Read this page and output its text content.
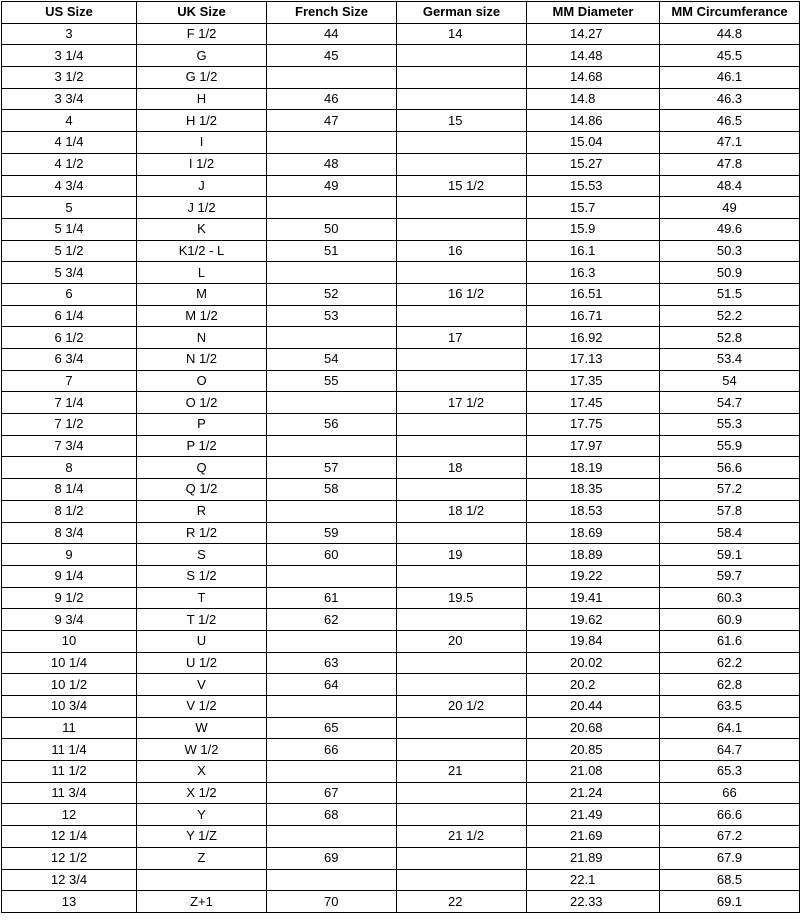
US Size	UK Size	French Size	German size	MM Diameter	MM Circumferance
3	F 1/2	44	14	14.27	44.8
3 1/4	G	45		14.48	45.5
3 1/2	G 1/2			14.68	46.1
3 3/4	H	46		14.8	46.3
4	H 1/2	47	15	14.86	46.5
4 1/4	I			15.04	47.1
4 1/2	I 1/2	48		15.27	47.8
4 3/4	J	49	15 1/2	15.53	48.4
5	J 1/2			15.7	49
5 1/4	K	50		15.9	49.6
5 1/2	K1/2 - L	51	16	16.1	50.3
5 3/4	L			16.3	50.9
6	M	52	16 1/2	16.51	51.5
6 1/4	M 1/2	53		16.71	52.2
6 1/2	N		17	16.92	52.8
6 3/4	N 1/2	54		17.13	53.4
7	O	55		17.35	54
7 1/4	O 1/2		17 1/2	17.45	54.7
7 1/2	P	56		17.75	55.3
7 3/4	P 1/2			17.97	55.9
8	Q	57	18	18.19	56.6
8 1/4	Q 1/2	58		18.35	57.2
8 1/2	R		18 1/2	18.53	57.8
8 3/4	R 1/2	59		18.69	58.4
9	S	60	19	18.89	59.1
9 1/4	S 1/2			19.22	59.7
9 1/2	T	61	19.5	19.41	60.3
9 3/4	T 1/2	62		19.62	60.9
10	U		20	19.84	61.6
10 1/4	U 1/2	63		20.02	62.2
10 1/2	V	64		20.2	62.8
10 3/4	V 1/2		20 1/2	20.44	63.5
11	W	65		20.68	64.1
11 1/4	W 1/2	66		20.85	64.7
11 1/2	X		21	21.08	65.3
11 3/4	X 1/2	67		21.24	66
12	Y	68		21.49	66.6
12 1/4	Y 1/Z		21 1/2	21.69	67.2
12 1/2	Z	69		21.89	67.9
12 3/4				22.1	68.5
13	Z+1	70	22	22.33	69.1
